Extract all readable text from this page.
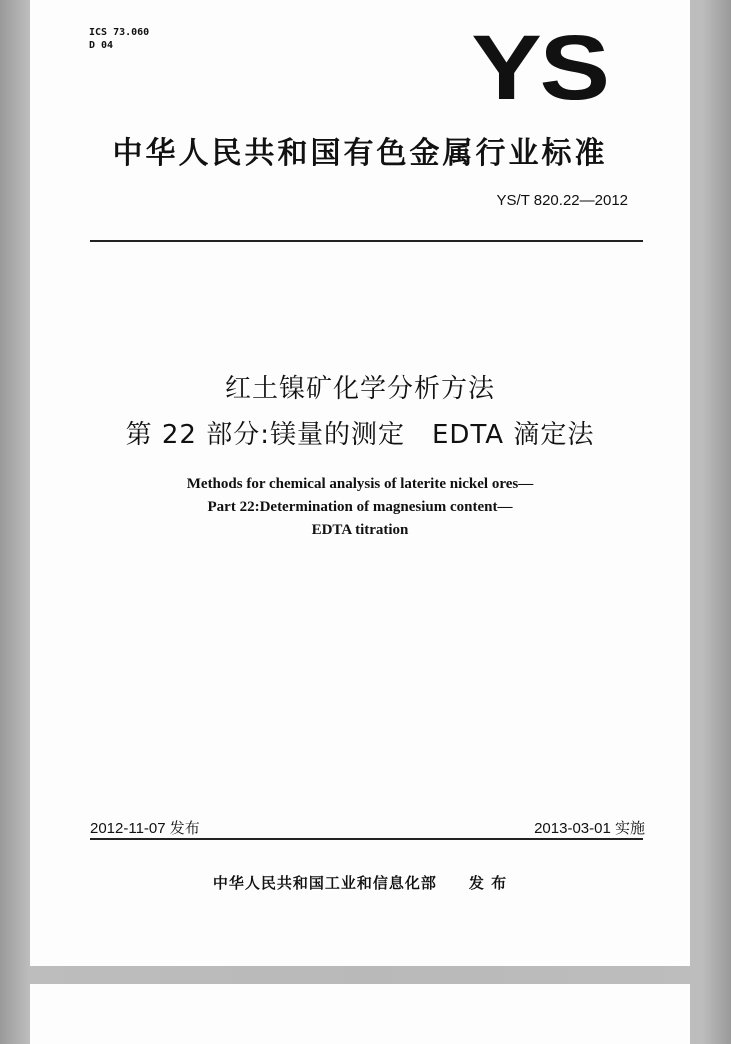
ICS 73.060
D 04	YS
中华人民共和国有色金属行业标准
YS/T 820.22—2012
红土镍矿化学分析方法
第 22 部分:镁量的测定　EDTA 滴定法
Methods for chemical analysis of laterite nickel ores—
Part 22:Determination of magnesium content—
EDTA titration
2012-11-07 发布	2013-03-01 实施
中华人民共和国工业和信息化部 发 布
